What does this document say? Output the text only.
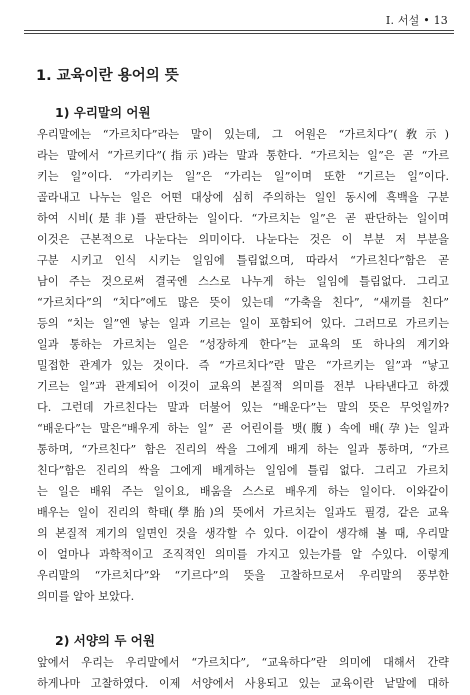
Ⅰ. 서설 • 13
1. 교육이란 용어의 뜻
1) 우리말의 어원
우리말에는 “가르치다”라는 말이 있는데, 그 어원은 “가르치다”(敎示)
라는 말에서 “가르키다”(指示)라는 말과 통한다. “가르치는 일”은 곧 “가르
키는 일”이다. “가리키는 일”은 “가리는 일”이며 또한 “기르는 일”이다.
골라내고 나누는 일은 어떤 대상에 심히 주의하는 일인 동시에 흑백을 구분
하여 시비(是非)를 판단하는 일이다. “가르치는 일”은 곧 판단하는 일이며
이것은 근본적으로 나눈다는 의미이다. 나눈다는 것은 이 부분 저 부분을
구분 시키고 인식 시키는 일임에 틀림없으며, 따라서 “가르친다”함은 곧
남이 주는 것으로써 결국엔 스스로 나누게 하는 일임에 틀림없다. 그리고
“가르치다”의 “치다”에도 많은 뜻이 있는데 “가축을 친다”, “새끼를 친다”
등의 “치는 일”엔 낳는 일과 기르는 일이 포함되어 있다. 그러므로 가르키는
일과 통하는 가르치는 일은 “성장하게 한다”는 교육의 또 하나의 계기와
밀접한 관계가 있는 것이다. 즉 “가르치다”란 말은 “가르키는 일”과 “낳고
기르는 일”과 관계되어 이것이 교육의 본질적 의미를 전부 나타낸다고 하겠
다. 그런데 가르친다는 말과 더불어 있는 “배운다”는 말의 뜻은 무엇일까?
“배운다”는 말은“배우게 하는 일” 곧 어린이를 뱃(腹) 속에 배(孕)는 일과
통하며, “가르친다” 함은 진리의 싹을 그에게 배게 하는 일과 통하며, “가르
친다”함은 진리의 싹을 그에게 배게하는 일임에 틀림 없다. 그리고 가르치
는 일은 배워 주는 일이요, 배움을 스스로 배우게 하는 일이다. 이와같이
배우는 일이 진리의 학태(學胎)의 뜻에서 가르치는 일과도 필경, 같은 교육
의 본질적 계기의 일면인 것을 생각할 수 있다. 이같이 생각해 볼 때, 우리말
이 얼마나 과학적이고 조직적인 의미를 가지고 있는가를 알 수있다. 이렇게
우리말의 “가르치다”와 “기르다”의 뜻을 고찰하므로서 우리말의 풍부한
의미를 알아 보았다.
2) 서양의 두 어원
앞에서 우리는 우리말에서 “가르치다”, “교육하다”란 의미에 대해서 간략
하게나마 고찰하였다. 이제 서양에서 사용되고 있는 교육이란 낱말에 대하
